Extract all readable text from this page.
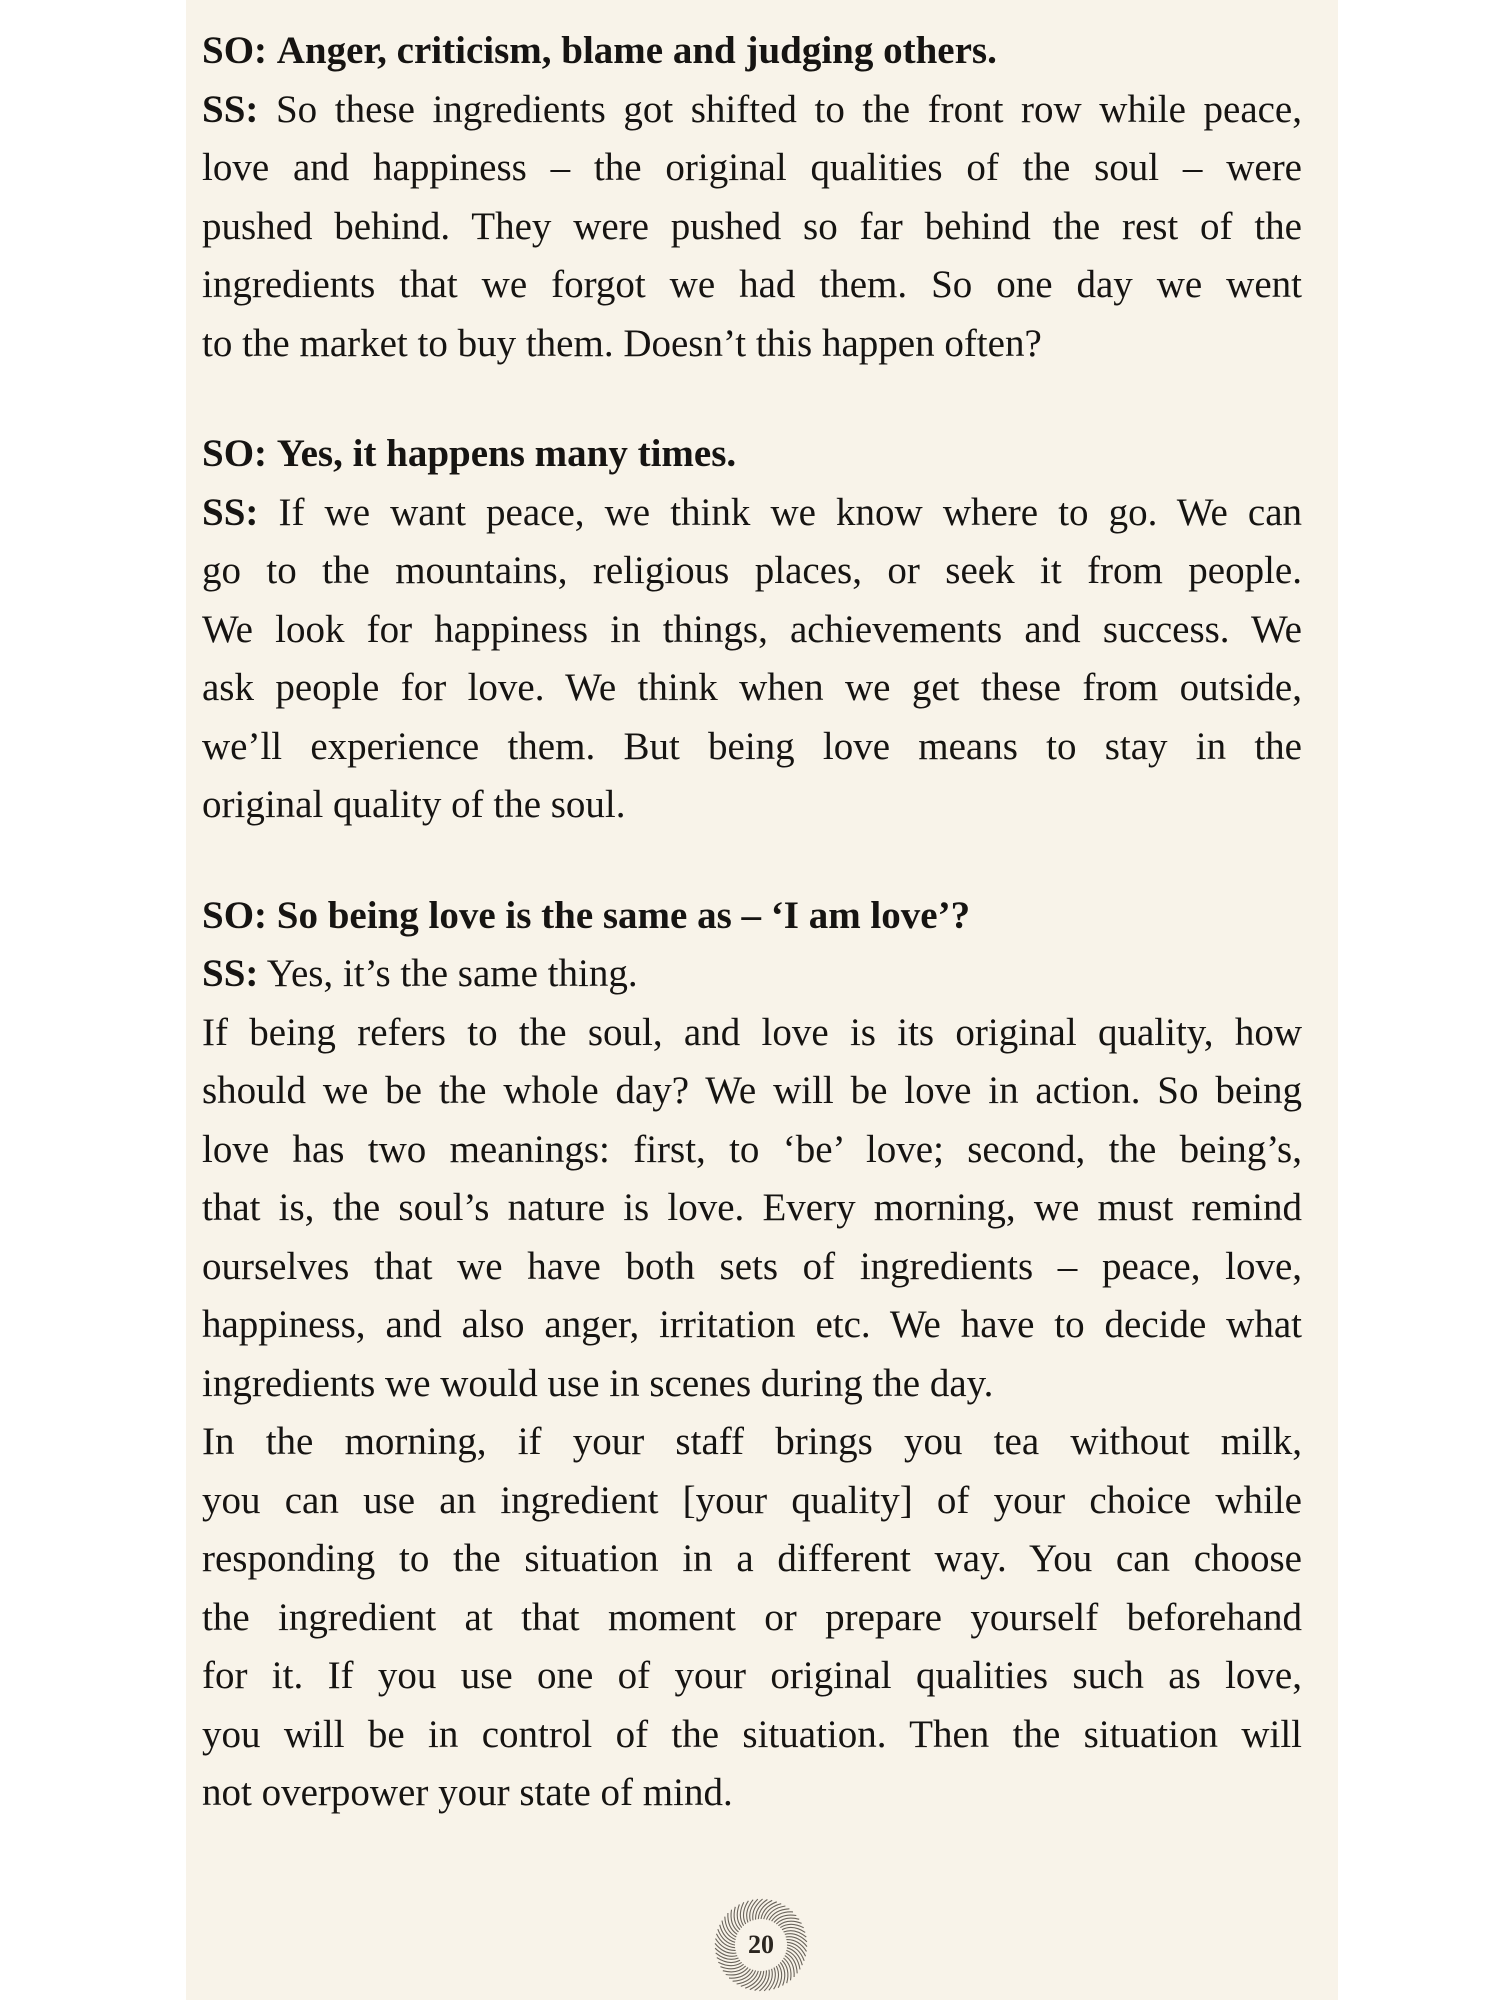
SO: Anger, criticism, blame and judging others.
SS: So these ingredients got shifted to the front row while peace,
love and happiness – the original qualities of the soul – were
pushed behind. They were pushed so far behind the rest of the
ingredients that we forgot we had them. So one day we went
to the market to buy them. Doesn’t this happen often?
SO: Yes, it happens many times.
SS: If we want peace, we think we know where to go. We can
go to the mountains, religious places, or seek it from people.
We look for happiness in things, achievements and success. We
ask people for love. We think when we get these from outside,
we’ll experience them. But being love means to stay in the
original quality of the soul.
SO: So being love is the same as – ‘I am love’?
SS: Yes, it’s the same thing.
If being refers to the soul, and love is its original quality, how
should we be the whole day? We will be love in action. So being
love has two meanings: first, to ‘be’ love; second, the being’s,
that is, the soul’s nature is love. Every morning, we must remind
ourselves that we have both sets of ingredients – peace, love,
happiness, and also anger, irritation etc. We have to decide what
ingredients we would use in scenes during the day.
In the morning, if your staff brings you tea without milk,
you can use an ingredient [your quality] of your choice while
responding to the situation in a different way. You can choose
the ingredient at that moment or prepare yourself beforehand
for it. If you use one of your original qualities such as love,
you will be in control of the situation. Then the situation will
not overpower your state of mind.
20
